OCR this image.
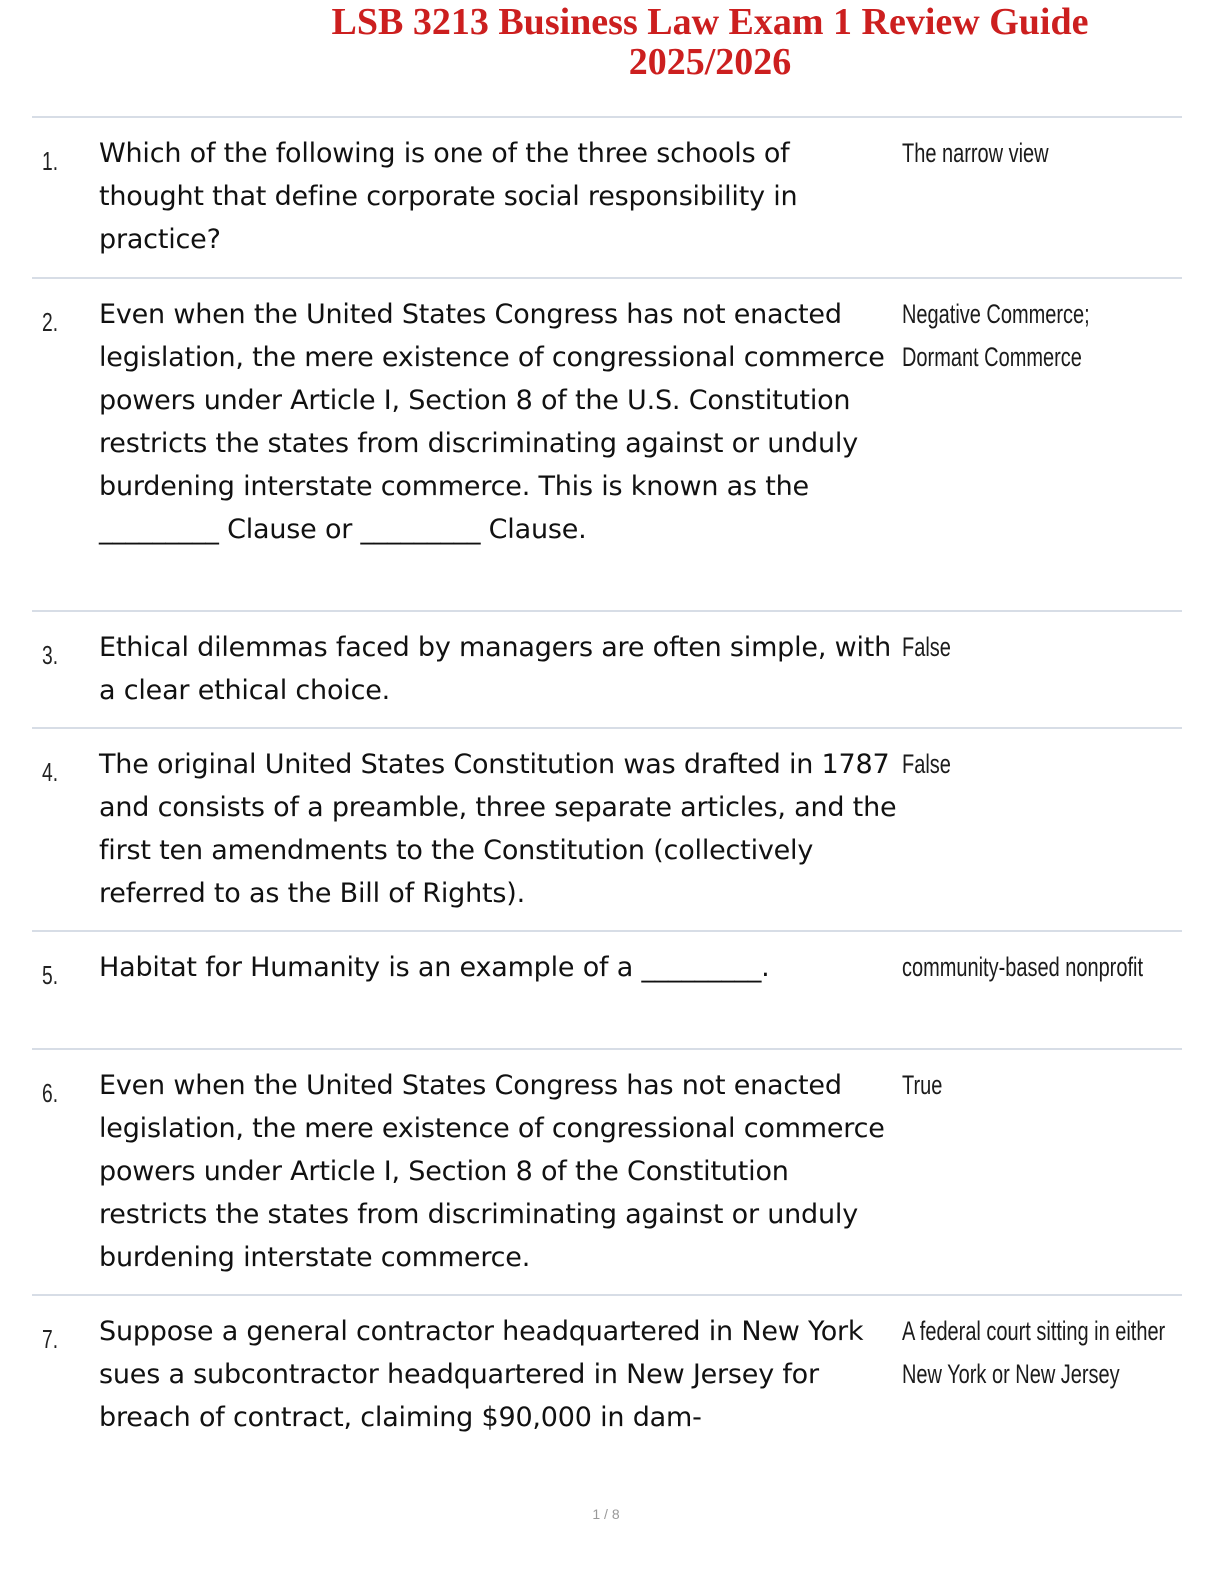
LSB 3213 Business Law Exam 1 Review Guide
2025/2026
1. Which of the following is one of the three schools of thought that define corporate social responsibility in practice?
The narrow view
2. Even when the United States Congress has not enacted legislation, the mere existence of congressional commerce powers under Article I, Section 8 of the U.S. Constitution restricts the states from discriminating against or unduly burdening interstate commerce. This is known as the _________ Clause or _________ Clause.
Negative Commerce; Dormant Commerce
3. Ethical dilemmas faced by managers are often simple, with a clear ethical choice.
False
4. The original United States Constitution was drafted in 1787 and consists of a preamble, three separate articles, and the first ten amendments to the Constitution (collectively referred to as the Bill of Rights).
False
5. Habitat for Humanity is an example of a _________.	community-based nonprofit
6. Even when the United States Congress has not enacted legislation, the mere existence of congressional commerce powers under Article I, Section 8 of the Constitution restricts the states from discriminating against or unduly burdening interstate commerce.
True
7. Suppose a general contractor headquartered in New York sues a subcontractor headquartered in New Jersey for breach of contract, claiming $90,000 in dam-
A federal court sitting in either New York or New Jersey
1 / 8
